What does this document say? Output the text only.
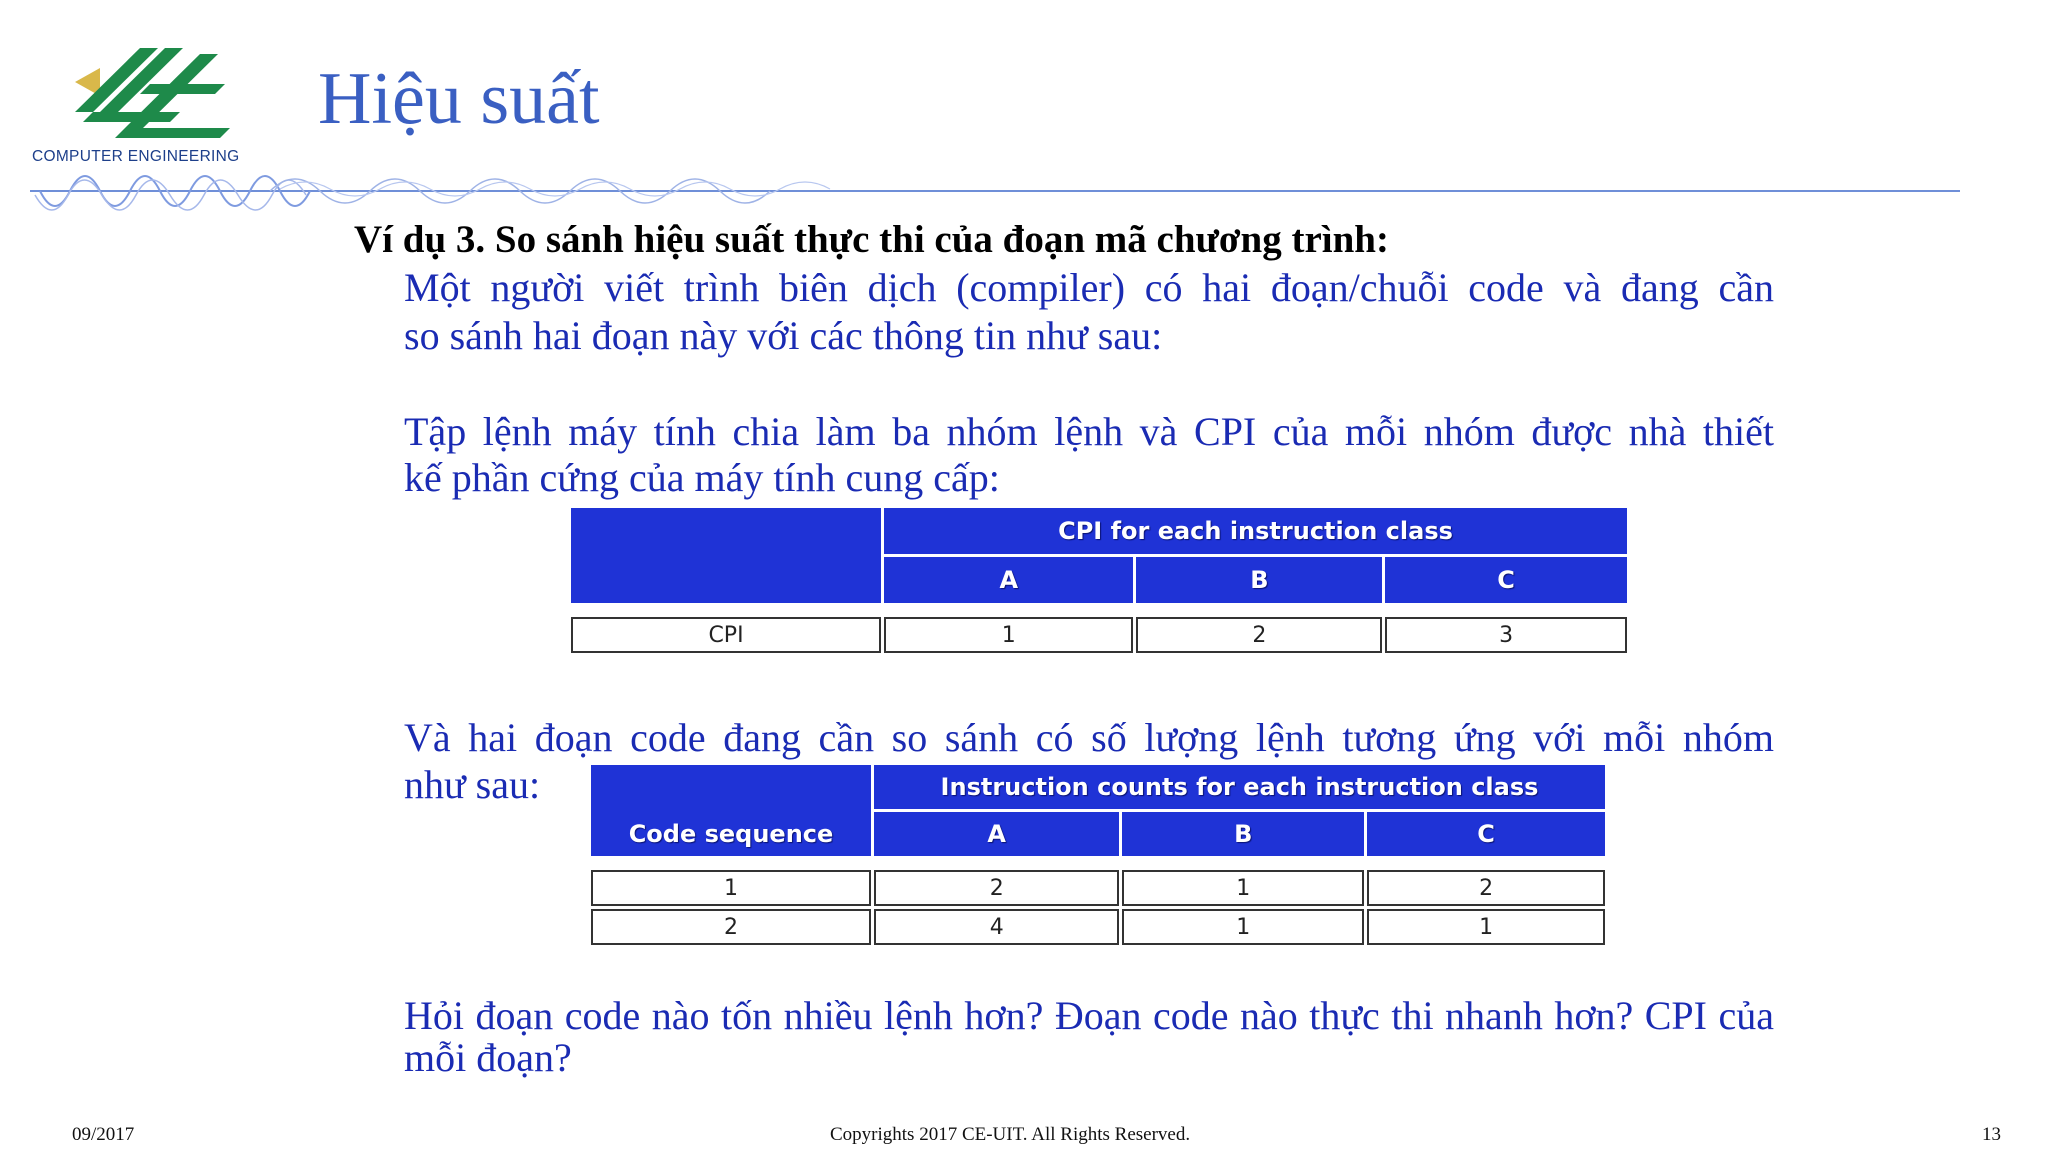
COMPUTER ENGINEERING
Hiệu suất
Ví dụ 3. So sánh hiệu suất thực thi của đoạn mã chương trình:
Một người viết trình biên dịch (compiler) có hai đoạn/chuỗi code và đang cần
so sánh hai đoạn này với các thông tin như sau:
Tập lệnh máy tính chia làm ba nhóm lệnh và CPI của mỗi nhóm được nhà thiết
kế phần cứng của máy tính cung cấp:
	CPI for each instruction class		
	A	B	C

CPI	1	2	3
Và hai đoạn code đang cần so sánh có số lượng lệnh tương ứng với mỗi nhóm
như sau:
Code sequence	Instruction counts for each instruction class		
	A	B	C

1	2	1	2
2	4	1	1
Hỏi đoạn code nào tốn nhiều lệnh hơn? Đoạn code nào thực thi nhanh hơn? CPI của
mỗi đoạn?
09/2017	Copyrights 2017 CE-UIT. All Rights Reserved.	13
